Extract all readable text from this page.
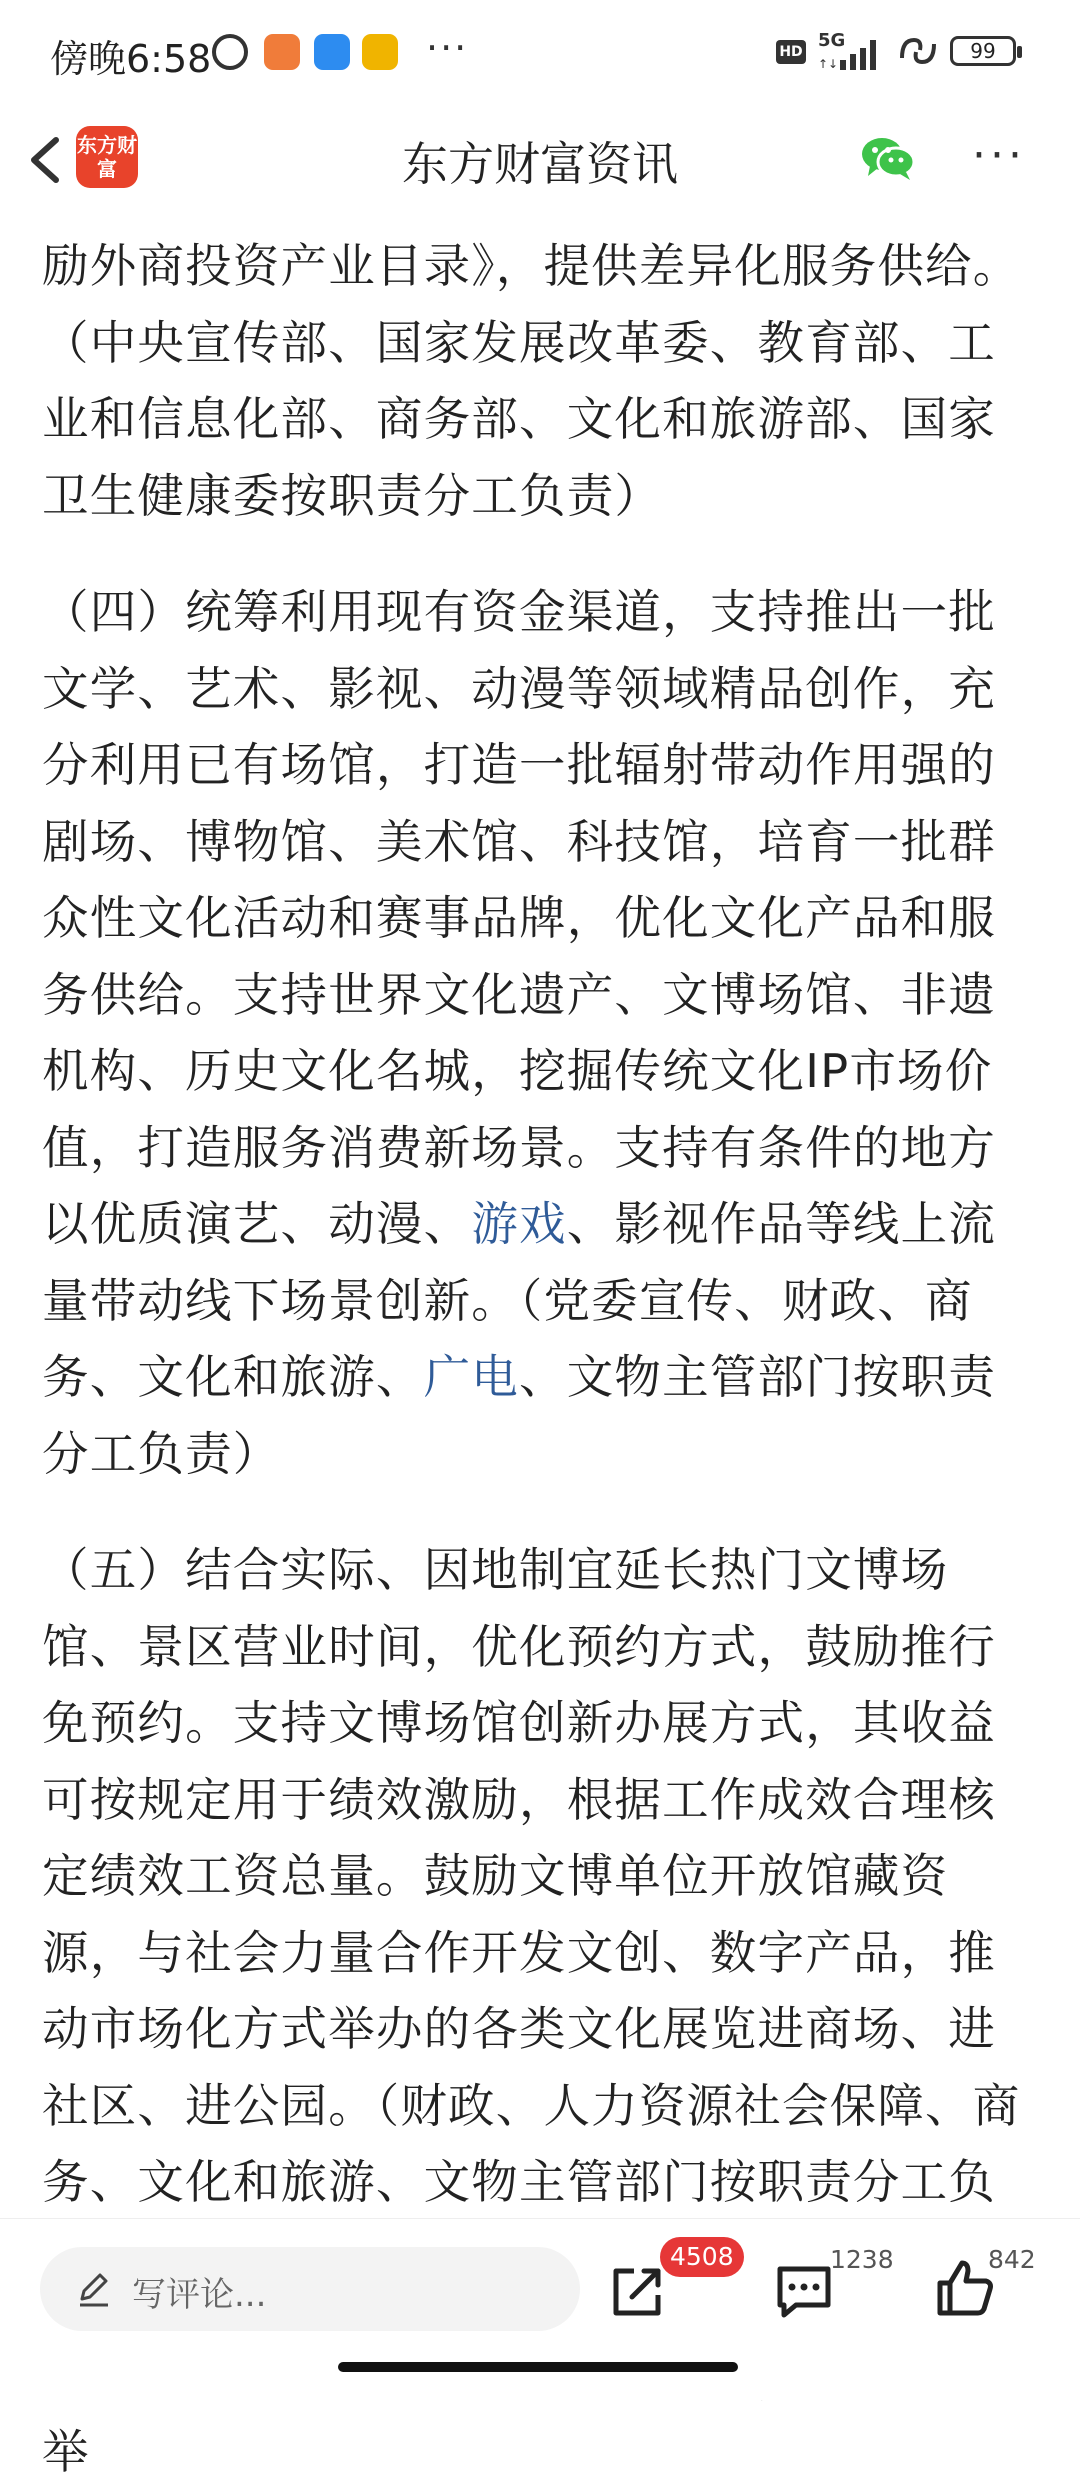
傍晚6:58	···	HD
5G
↑↓
99
东方财富	东方财富资讯	···

励外商投资产业目录》，提供差异化服务供给。（中央宣传部、国家发展改革委、教育部、工业和信息化部、商务部、文化和旅游部、国家卫生健康委按职责分工负责）

（四）统筹利用现有资金渠道，支持推出一批文学、艺术、影视、动漫等领域精品创作，充分利用已有场馆，打造一批辐射带动作用强的剧场、博物馆、美术馆、科技馆，培育一批群众性文化活动和赛事品牌，优化文化产品和服务供给。支持世界文化遗产、文博场馆、非遗机构、历史文化名城，挖掘传统文化IP市场价值，打造服务消费新场景。支持有条件的地方以优质演艺、动漫、游戏、影视作品等线上流量带动线下场景创新。（党委宣传、财政、商务、文化和旅游、广电、文物主管部门按职责分工负责）

（五）结合实际、因地制宜延长热门文博场馆、景区营业时间，优化预约方式，鼓励推行免预约。支持文博场馆创新办展方式，其收益可按规定用于绩效激励，根据工作成效合理核定绩效工资总量。鼓励文博单位开放馆藏资源，与社会力量合作开发文创、数字产品，推动市场化方式举办的各类文化展览进商场、进社区、进公园。（财政、人力资源社会保障、商务、文化和旅游、文物主管部门按职责分工负

举

写评论...
4508	1238	842
